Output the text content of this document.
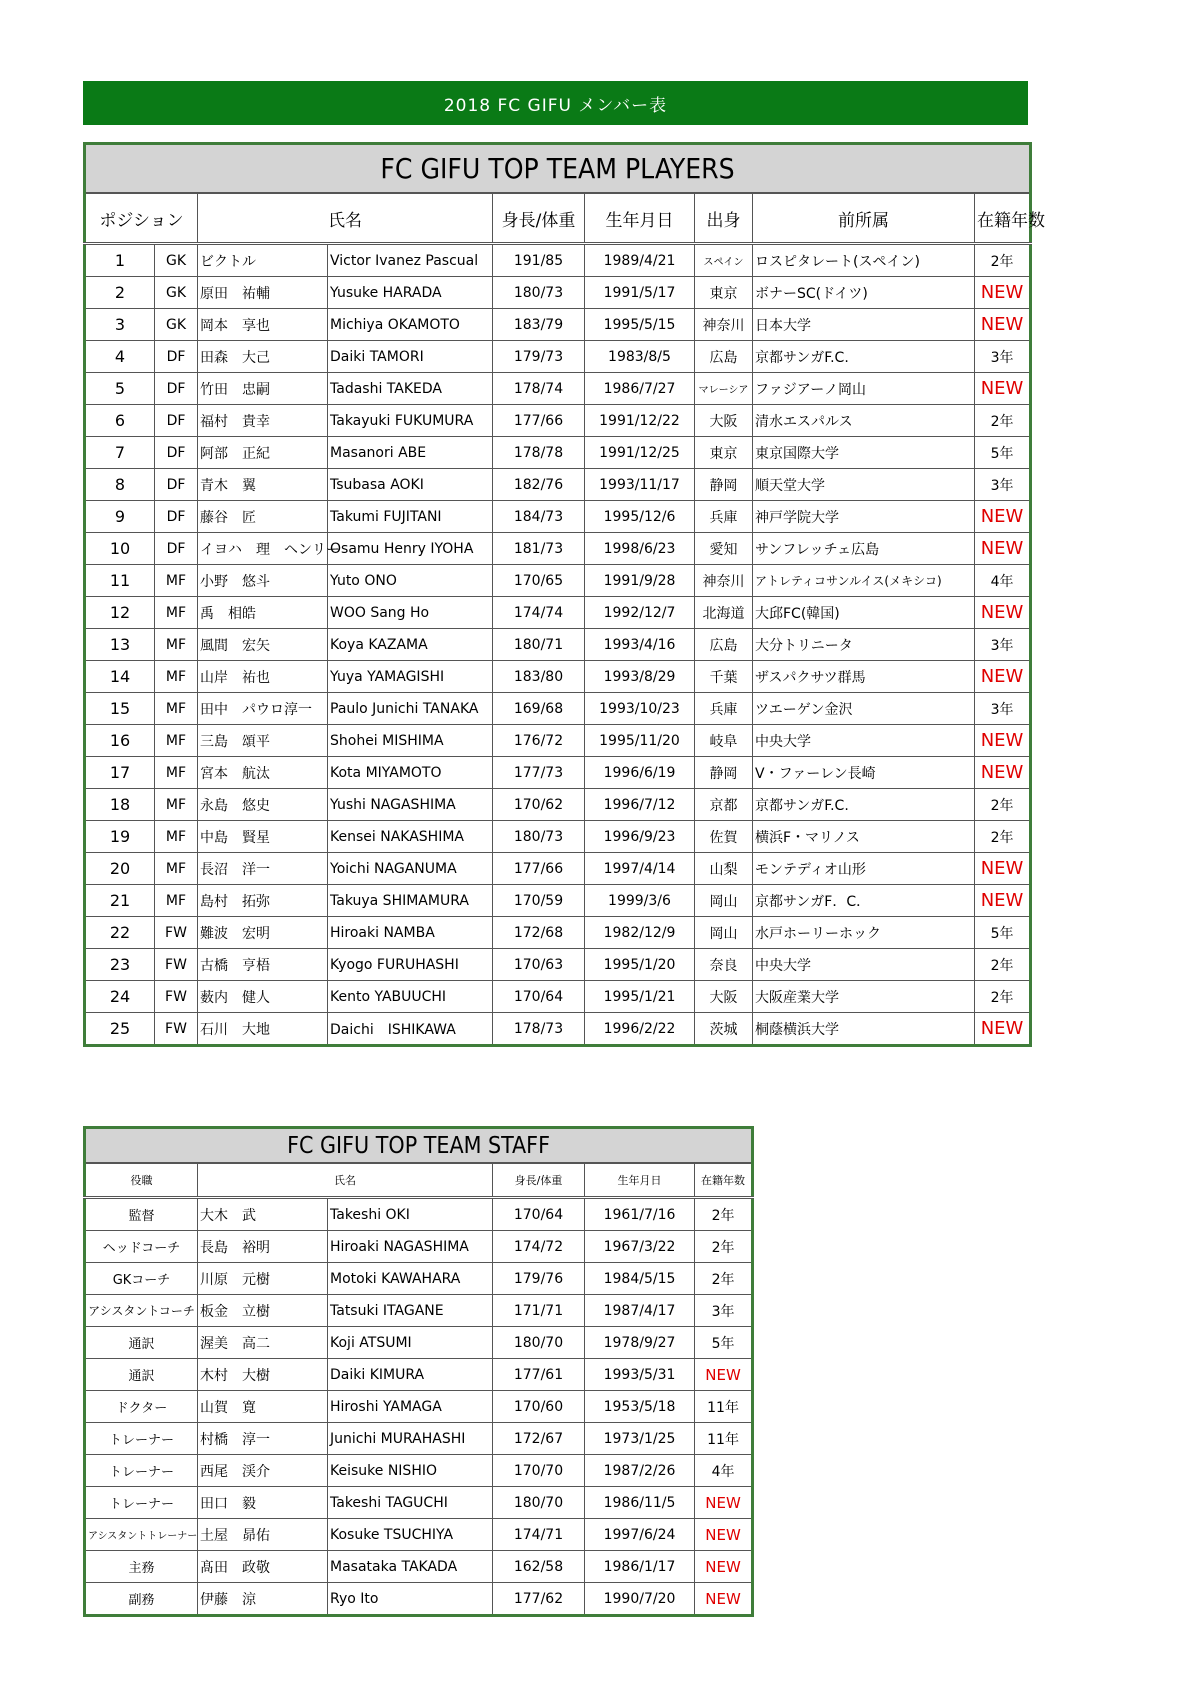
2018 FC GIFU メンバー表
FC GIFU TOP TEAM PLAYERS								
ポジション		氏名		身長/体重	生年月日	出身	前所属	在籍年数
1	GK	ビクトル	Victor Ivanez Pascual	191/85	1989/4/21	スペイン	ロスピタレート(スペイン)	2年
2	GK	原田　祐輔	Yusuke HARADA	180/73	1991/5/17	東京	ボナーSC(ドイツ)	NEW
3	GK	岡本　享也	Michiya OKAMOTO	183/79	1995/5/15	神奈川	日本大学	NEW
4	DF	田森　大己	Daiki TAMORI	179/73	1983/8/5	広島	京都サンガF.C.	3年
5	DF	竹田　忠嗣	Tadashi TAKEDA	178/74	1986/7/27	マレーシア	ファジアーノ岡山	NEW
6	DF	福村　貴幸	Takayuki FUKUMURA	177/66	1991/12/22	大阪	清水エスパルス	2年
7	DF	阿部　正紀	Masanori ABE	178/78	1991/12/25	東京	東京国際大学	5年
8	DF	青木　翼	Tsubasa AOKI	182/76	1993/11/17	静岡	順天堂大学	3年
9	DF	藤谷　匠	Takumi FUJITANI	184/73	1995/12/6	兵庫	神戸学院大学	NEW
10	DF	イヨハ　理　ヘンリー	Osamu Henry IYOHA	181/73	1998/6/23	愛知	サンフレッチェ広島	NEW
11	MF	小野　悠斗	Yuto ONO	170/65	1991/9/28	神奈川	アトレティコサンルイス(メキシコ)	4年
12	MF	禹　相皓	WOO Sang Ho	174/74	1992/12/7	北海道	大邱FC(韓国)	NEW
13	MF	風間　宏矢	Koya KAZAMA	180/71	1993/4/16	広島	大分トリニータ	3年
14	MF	山岸　祐也	Yuya YAMAGISHI	183/80	1993/8/29	千葉	ザスパクサツ群馬	NEW
15	MF	田中　パウロ淳一	Paulo Junichi TANAKA	169/68	1993/10/23	兵庫	ツエーゲン金沢	3年
16	MF	三島　頌平	Shohei MISHIMA	176/72	1995/11/20	岐阜	中央大学	NEW
17	MF	宮本　航汰	Kota MIYAMOTO	177/73	1996/6/19	静岡	V・ファーレン長崎	NEW
18	MF	永島　悠史	Yushi NAGASHIMA	170/62	1996/7/12	京都	京都サンガF.C.	2年
19	MF	中島　賢星	Kensei NAKASHIMA	180/73	1996/9/23	佐賀	横浜F・マリノス	2年
20	MF	長沼　洋一	Yoichi NAGANUMA	177/66	1997/4/14	山梨	モンテディオ山形	NEW
21	MF	島村　拓弥	Takuya SHIMAMURA	170/59	1999/3/6	岡山	京都サンガF．C．	NEW
22	FW	難波　宏明	Hiroaki NAMBA	172/68	1982/12/9	岡山	水戸ホーリーホック	5年
23	FW	古橋　亨梧	Kyogo FURUHASHI	170/63	1995/1/20	奈良	中央大学	2年
24	FW	薮内　健人	Kento YABUUCHI	170/64	1995/1/21	大阪	大阪産業大学	2年
25	FW	石川　大地	Daichi　ISHIKAWA	178/73	1996/2/22	茨城	桐蔭横浜大学	NEW
FC GIFU TOP TEAM STAFF					
役職	氏名		身長/体重	生年月日	在籍年数
監督	大木　武	Takeshi OKI	170/64	1961/7/16	2年
ヘッドコーチ	長島　裕明	Hiroaki NAGASHIMA	174/72	1967/3/22	2年
GKコーチ	川原　元樹	Motoki KAWAHARA	179/76	1984/5/15	2年
アシスタントコーチ	板金　立樹	Tatsuki ITAGANE	171/71	1987/4/17	3年
通訳	渥美　高二	Koji ATSUMI	180/70	1978/9/27	5年
通訳	木村　大樹	Daiki KIMURA	177/61	1993/5/31	NEW
ドクター	山賀　寛	Hiroshi YAMAGA	170/60	1953/5/18	11年
トレーナー	村橋　淳一	Junichi MURAHASHI	172/67	1973/1/25	11年
トレーナー	西尾　渓介	Keisuke NISHIO	170/70	1987/2/26	4年
トレーナー	田口　毅	Takeshi TAGUCHI	180/70	1986/11/5	NEW
アシスタントトレーナー	土屋　昴佑	Kosuke TSUCHIYA	174/71	1997/6/24	NEW
主務	髙田　政敬	Masataka TAKADA	162/58	1986/1/17	NEW
副務	伊藤　涼	Ryo Ito	177/62	1990/7/20	NEW
